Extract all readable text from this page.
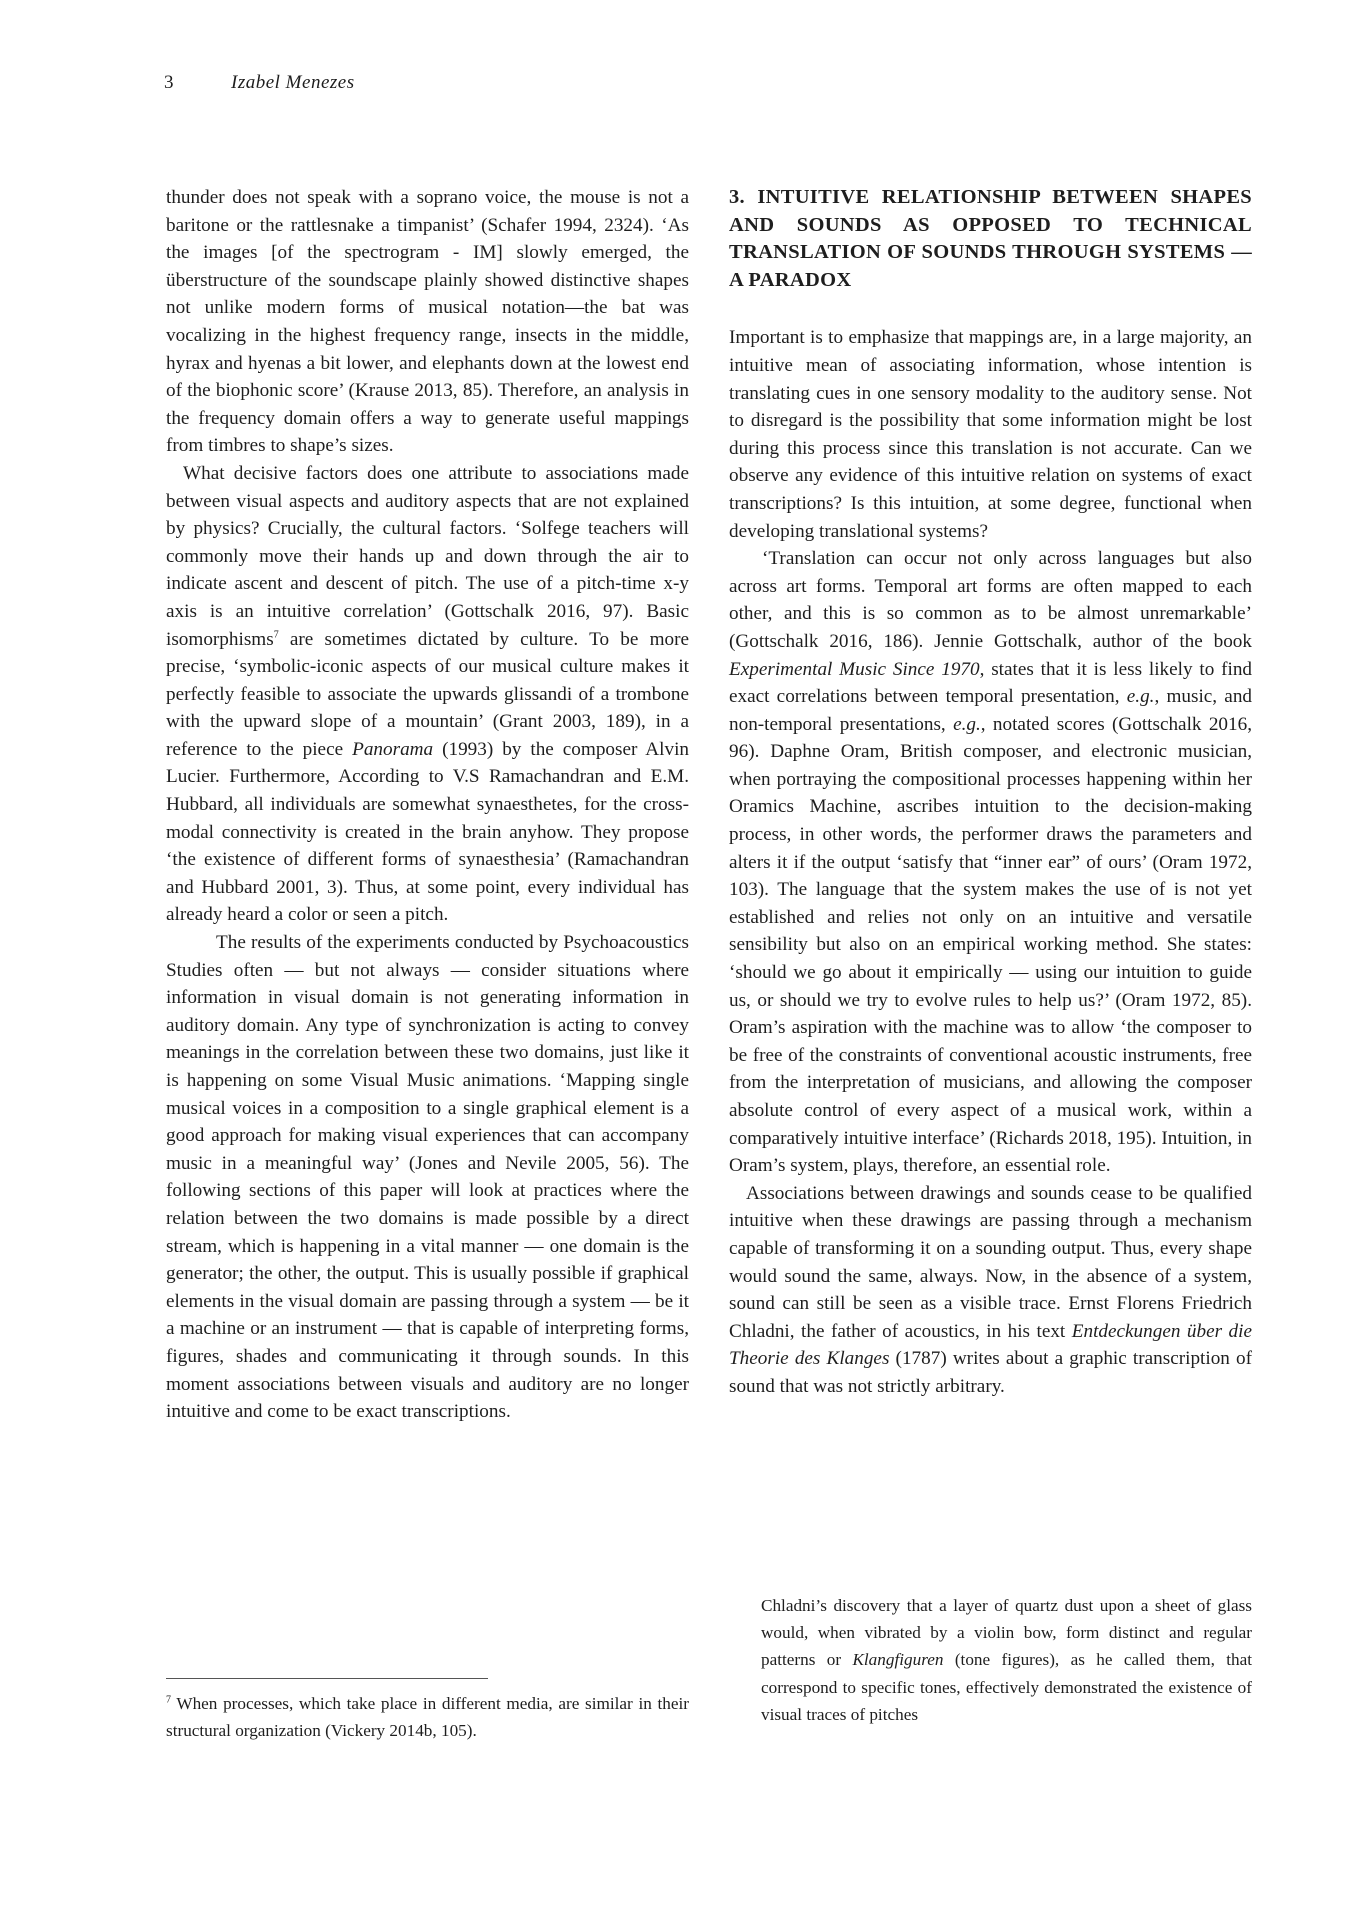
3	Izabel Menezes

thunder does not speak with a soprano voice, the mouse is not a baritone or the rattlesnake a timpanist’ (Schafer 1994, 2324). ‘As the images [of the spectrogram - IM] slowly emerged, the überstructure of the soundscape plainly showed distinctive shapes not unlike modern forms of musical notation—the bat was vocalizing in the highest frequency range, insects in the middle, hyrax and hyenas a bit lower, and elephants down at the lowest end of the biophonic score’ (Krause 2013, 85). Therefore, an analysis in the frequency domain offers a way to generate useful mappings from timbres to shape’s sizes.

What decisive factors does one attribute to associations made between visual aspects and auditory aspects that are not explained by physics? Crucially, the cultural factors. ‘Solfege teachers will commonly move their hands up and down through the air to indicate ascent and descent of pitch. The use of a pitch-time x-y axis is an intuitive correlation’ (Gottschalk 2016, 97). Basic isomorphisms$^7$ are sometimes dictated by culture. To be more precise, ‘symbolic-iconic aspects of our musical culture makes it perfectly feasible to associate the upwards glissandi of a trombone with the upward slope of a mountain’ (Grant 2003, 189), in a reference to the piece Panorama (1993) by the composer Alvin Lucier. Furthermore, According to V.S Ramachandran and E.M. Hubbard, all individuals are somewhat synaesthetes, for the cross-modal connectivity is created in the brain anyhow. They propose ‘the existence of different forms of synaesthesia’ (Ramachandran and Hubbard 2001, 3). Thus, at some point, every individual has already heard a color or seen a pitch.

The results of the experiments conducted by Psychoacoustics Studies often — but not always — consider situations where information in visual domain is not generating information in auditory domain. Any type of synchronization is acting to convey meanings in the correlation between these two domains, just like it is happening on some Visual Music animations. ‘Mapping single musical voices in a composition to a single graphical element is a good approach for making visual experiences that can accompany music in a meaningful way’ (Jones and Nevile 2005, 56). The following sections of this paper will look at practices where the relation between the two domains is made possible by a direct stream, which is happening in a vital manner — one domain is the generator; the other, the output. This is usually possible if graphical elements in the visual domain are passing through a system — be it a machine or an instrument — that is capable of interpreting forms, figures, shades and communicating it through sounds. In this moment associations between visuals and auditory are no longer intuitive and come to be exact transcriptions.

$^7$ When processes, which take place in different media, are similar in their structural organization (Vickery 2014b, 105).
3. INTUITIVE RELATIONSHIP BETWEEN SHAPES AND SOUNDS AS OPPOSED TO TECHNICAL TRANSLATION OF SOUNDS THROUGH SYSTEMS — A PARADOX

Important is to emphasize that mappings are, in a large majority, an intuitive mean of associating information, whose intention is translating cues in one sensory modality to the auditory sense. Not to disregard is the possibility that some information might be lost during this process since this translation is not accurate. Can we observe any evidence of this intuitive relation on systems of exact transcriptions? Is this intuition, at some degree, functional when developing translational systems?

‘Translation can occur not only across languages but also across art forms. Temporal art forms are often mapped to each other, and this is so common as to be almost unremarkable’ (Gottschalk 2016, 186). Jennie Gottschalk, author of the book Experimental Music Since 1970, states that it is less likely to find exact correlations between temporal presentation, e.g., music, and non-temporal presentations, e.g., notated scores (Gottschalk 2016, 96). Daphne Oram, British composer, and electronic musician, when portraying the compositional processes happening within her Oramics Machine, ascribes intuition to the decision-making process, in other words, the performer draws the parameters and alters it if the output ‘satisfy that “inner ear” of ours’ (Oram 1972, 103). The language that the system makes the use of is not yet established and relies not only on an intuitive and versatile sensibility but also on an empirical working method. She states: ‘should we go about it empirically — using our intuition to guide us, or should we try to evolve rules to help us?’ (Oram 1972, 85). Oram’s aspiration with the machine was to allow ‘the composer to be free of the constraints of conventional acoustic instruments, free from the interpretation of musicians, and allowing the composer absolute control of every aspect of a musical work, within a comparatively intuitive interface’ (Richards 2018, 195). Intuition, in Oram’s system, plays, therefore, an essential role.

Associations between drawings and sounds cease to be qualified intuitive when these drawings are passing through a mechanism capable of transforming it on a sounding output. Thus, every shape would sound the same, always. Now, in the absence of a system, sound can still be seen as a visible trace. Ernst Florens Friedrich Chladni, the father of acoustics, in his text Entdeckungen über die Theorie des Klanges (1787) writes about a graphic transcription of sound that was not strictly arbitrary.

Chladni’s discovery that a layer of quartz dust upon a sheet of glass would, when vibrated by a violin bow, form distinct and regular patterns or Klangfiguren (tone figures), as he called them, that correspond to specific tones, effectively demonstrated the existence of visual traces of pitches
